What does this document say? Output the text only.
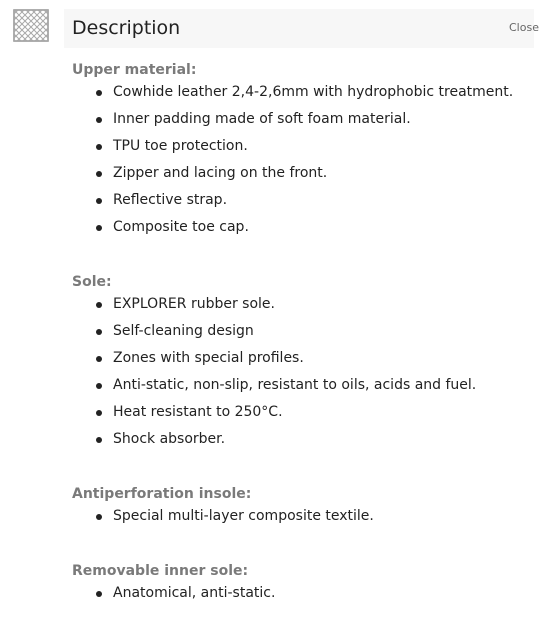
Description	Close
Upper material:
Cowhide leather 2,4-2,6mm with hydrophobic treatment.
Inner padding made of soft foam material.
TPU toe protection.
Zipper and lacing on the front.
Reflective strap.
Composite toe cap.
Sole:
EXPLORER rubber sole.
Self-cleaning design
Zones with special profiles.
Anti-static, non-slip, resistant to oils, acids and fuel.
Heat resistant to 250°C.
Shock absorber.
Antiperforation insole:
Special multi-layer composite textile.
Removable inner sole:
Anatomical, anti-static.
